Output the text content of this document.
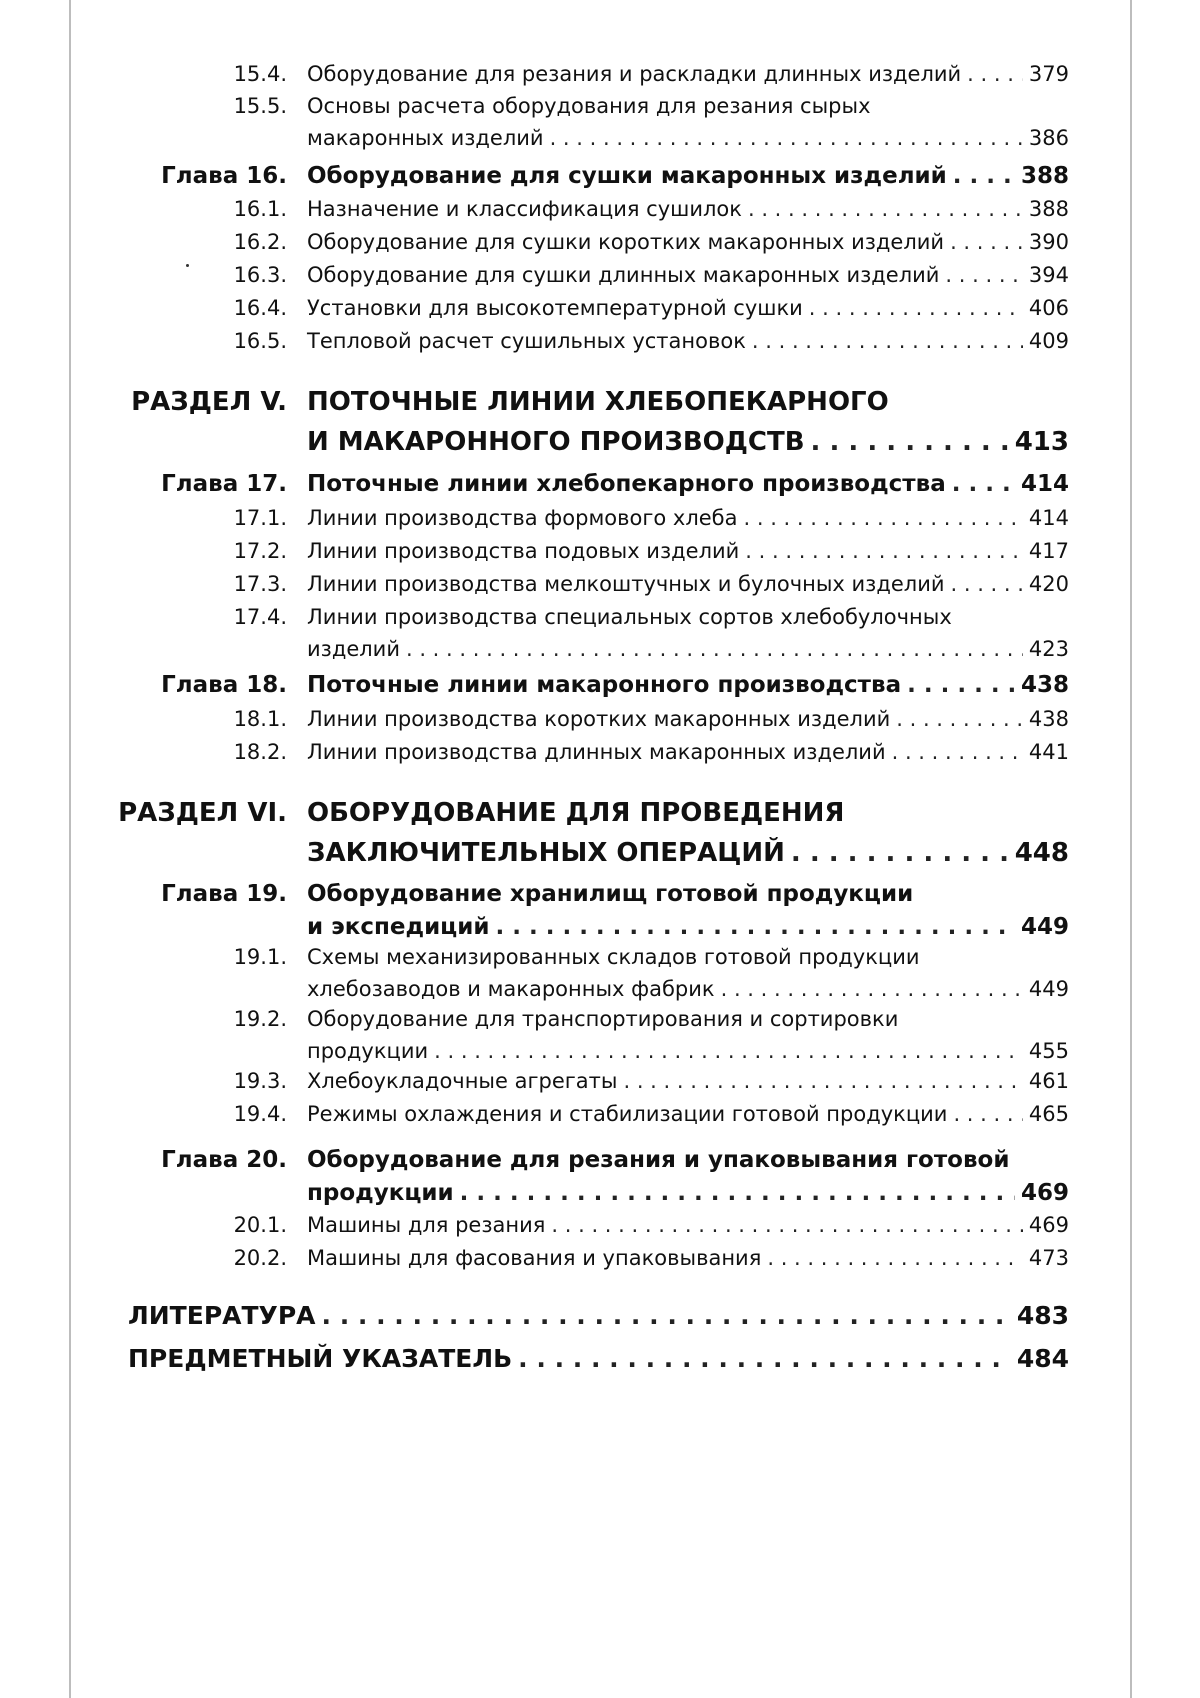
15.4. Оборудование для резания и раскладки длинных изделий . . .	379
15.5. Основы расчета оборудования для резания сырых
макаронных изделий . . .	386
Глава 16. Оборудование для сушки макаронных изделий . . .	388
16.1. Назначение и классификация сушилок . . .	388
16.2. Оборудование для сушки коротких макаронных изделий . . .	390
16.3. Оборудование для сушки длинных макаронных изделий . . .	394
16.4. Установки для высокотемпературной сушки . . .	406
16.5. Тепловой расчет сушильных установок . . .	409
РАЗДЕЛ V. ПОТОЧНЫЕ ЛИНИИ ХЛЕБОПЕКАРНОГО
И МАКАРОННОГО ПРОИЗВОДСТВ . . .	413
Глава 17. Поточные линии хлебопекарного производства . . .	414
17.1. Линии производства формового хлеба . . .	414
17.2. Линии производства подовых изделий . . .	417
17.3. Линии производства мелкоштучных и булочных изделий . . .	420
17.4. Линии производства специальных сортов хлебобулочных
изделий . . .	423
Глава 18. Поточные линии макаронного производства . . .	438
18.1. Линии производства коротких макаронных изделий . . .	438
18.2. Линии производства длинных макаронных изделий . . .	441
РАЗДЕЛ VI. ОБОРУДОВАНИЕ ДЛЯ ПРОВЕДЕНИЯ
ЗАКЛЮЧИТЕЛЬНЫХ ОПЕРАЦИЙ . . .	448
Глава 19. Оборудование хранилищ готовой продукции
и экспедиций . . .	449
19.1. Схемы механизированных складов готовой продукции
хлебозаводов и макаронных фабрик . . .	449
19.2. Оборудование для транспортирования и сортировки
продукции . . .	455
19.3. Хлебоукладочные агрегаты . . .	461
19.4. Режимы охлаждения и стабилизации готовой продукции . . .	465
Глава 20. Оборудование для резания и упаковывания готовой
продукции . . .	469
20.1. Машины для резания . . .	469
20.2. Машины для фасования и упаковывания . . .	473
ЛИТЕРАТУРА . . .	483
ПРЕДМЕТНЫЙ УКАЗАТЕЛЬ . . .	484
